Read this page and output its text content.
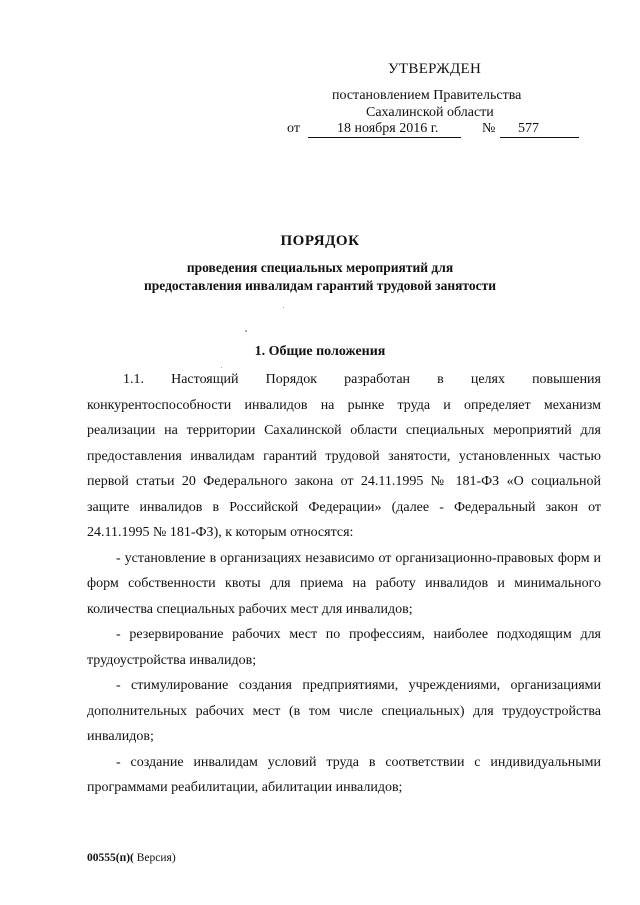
УТВЕРЖДЕН
постановлением Правительства
Сахалинской области
от	18 ноября 2016 г.	№ 577
ПОРЯДОК
проведения специальных мероприятий для
предоставления инвалидам гарантий трудовой занятости
1. Общие положения

1.1. Настоящий Порядок разработан в целях повышения конкурентоспособности инвалидов на рынке труда и определяет механизм реализации на территории Сахалинской области специальных мероприятий для предоставления инвалидам гарантий трудовой занятости, установленных частью первой статьи 20 Федерального закона от 24.11.1995 № 181-ФЗ «О социальной защите инвалидов в Российской Федерации» (далее - Федеральный закон от 24.11.1995 № 181-ФЗ), к которым относятся:

- установление в организациях независимо от организационно-правовых форм и форм собственности квоты для приема на работу инвалидов и минимального количества специальных рабочих мест для инвалидов;

- резервирование рабочих мест по профессиям, наиболее подходящим для трудоустройства инвалидов;

- стимулирование создания предприятиями, учреждениями, организациями дополнительных рабочих мест (в том числе специальных) для трудоустройства инвалидов;

- создание инвалидам условий труда в соответствии с индивидуальными программами реабилитации, абилитации инвалидов;

00555(п)( Версия)
